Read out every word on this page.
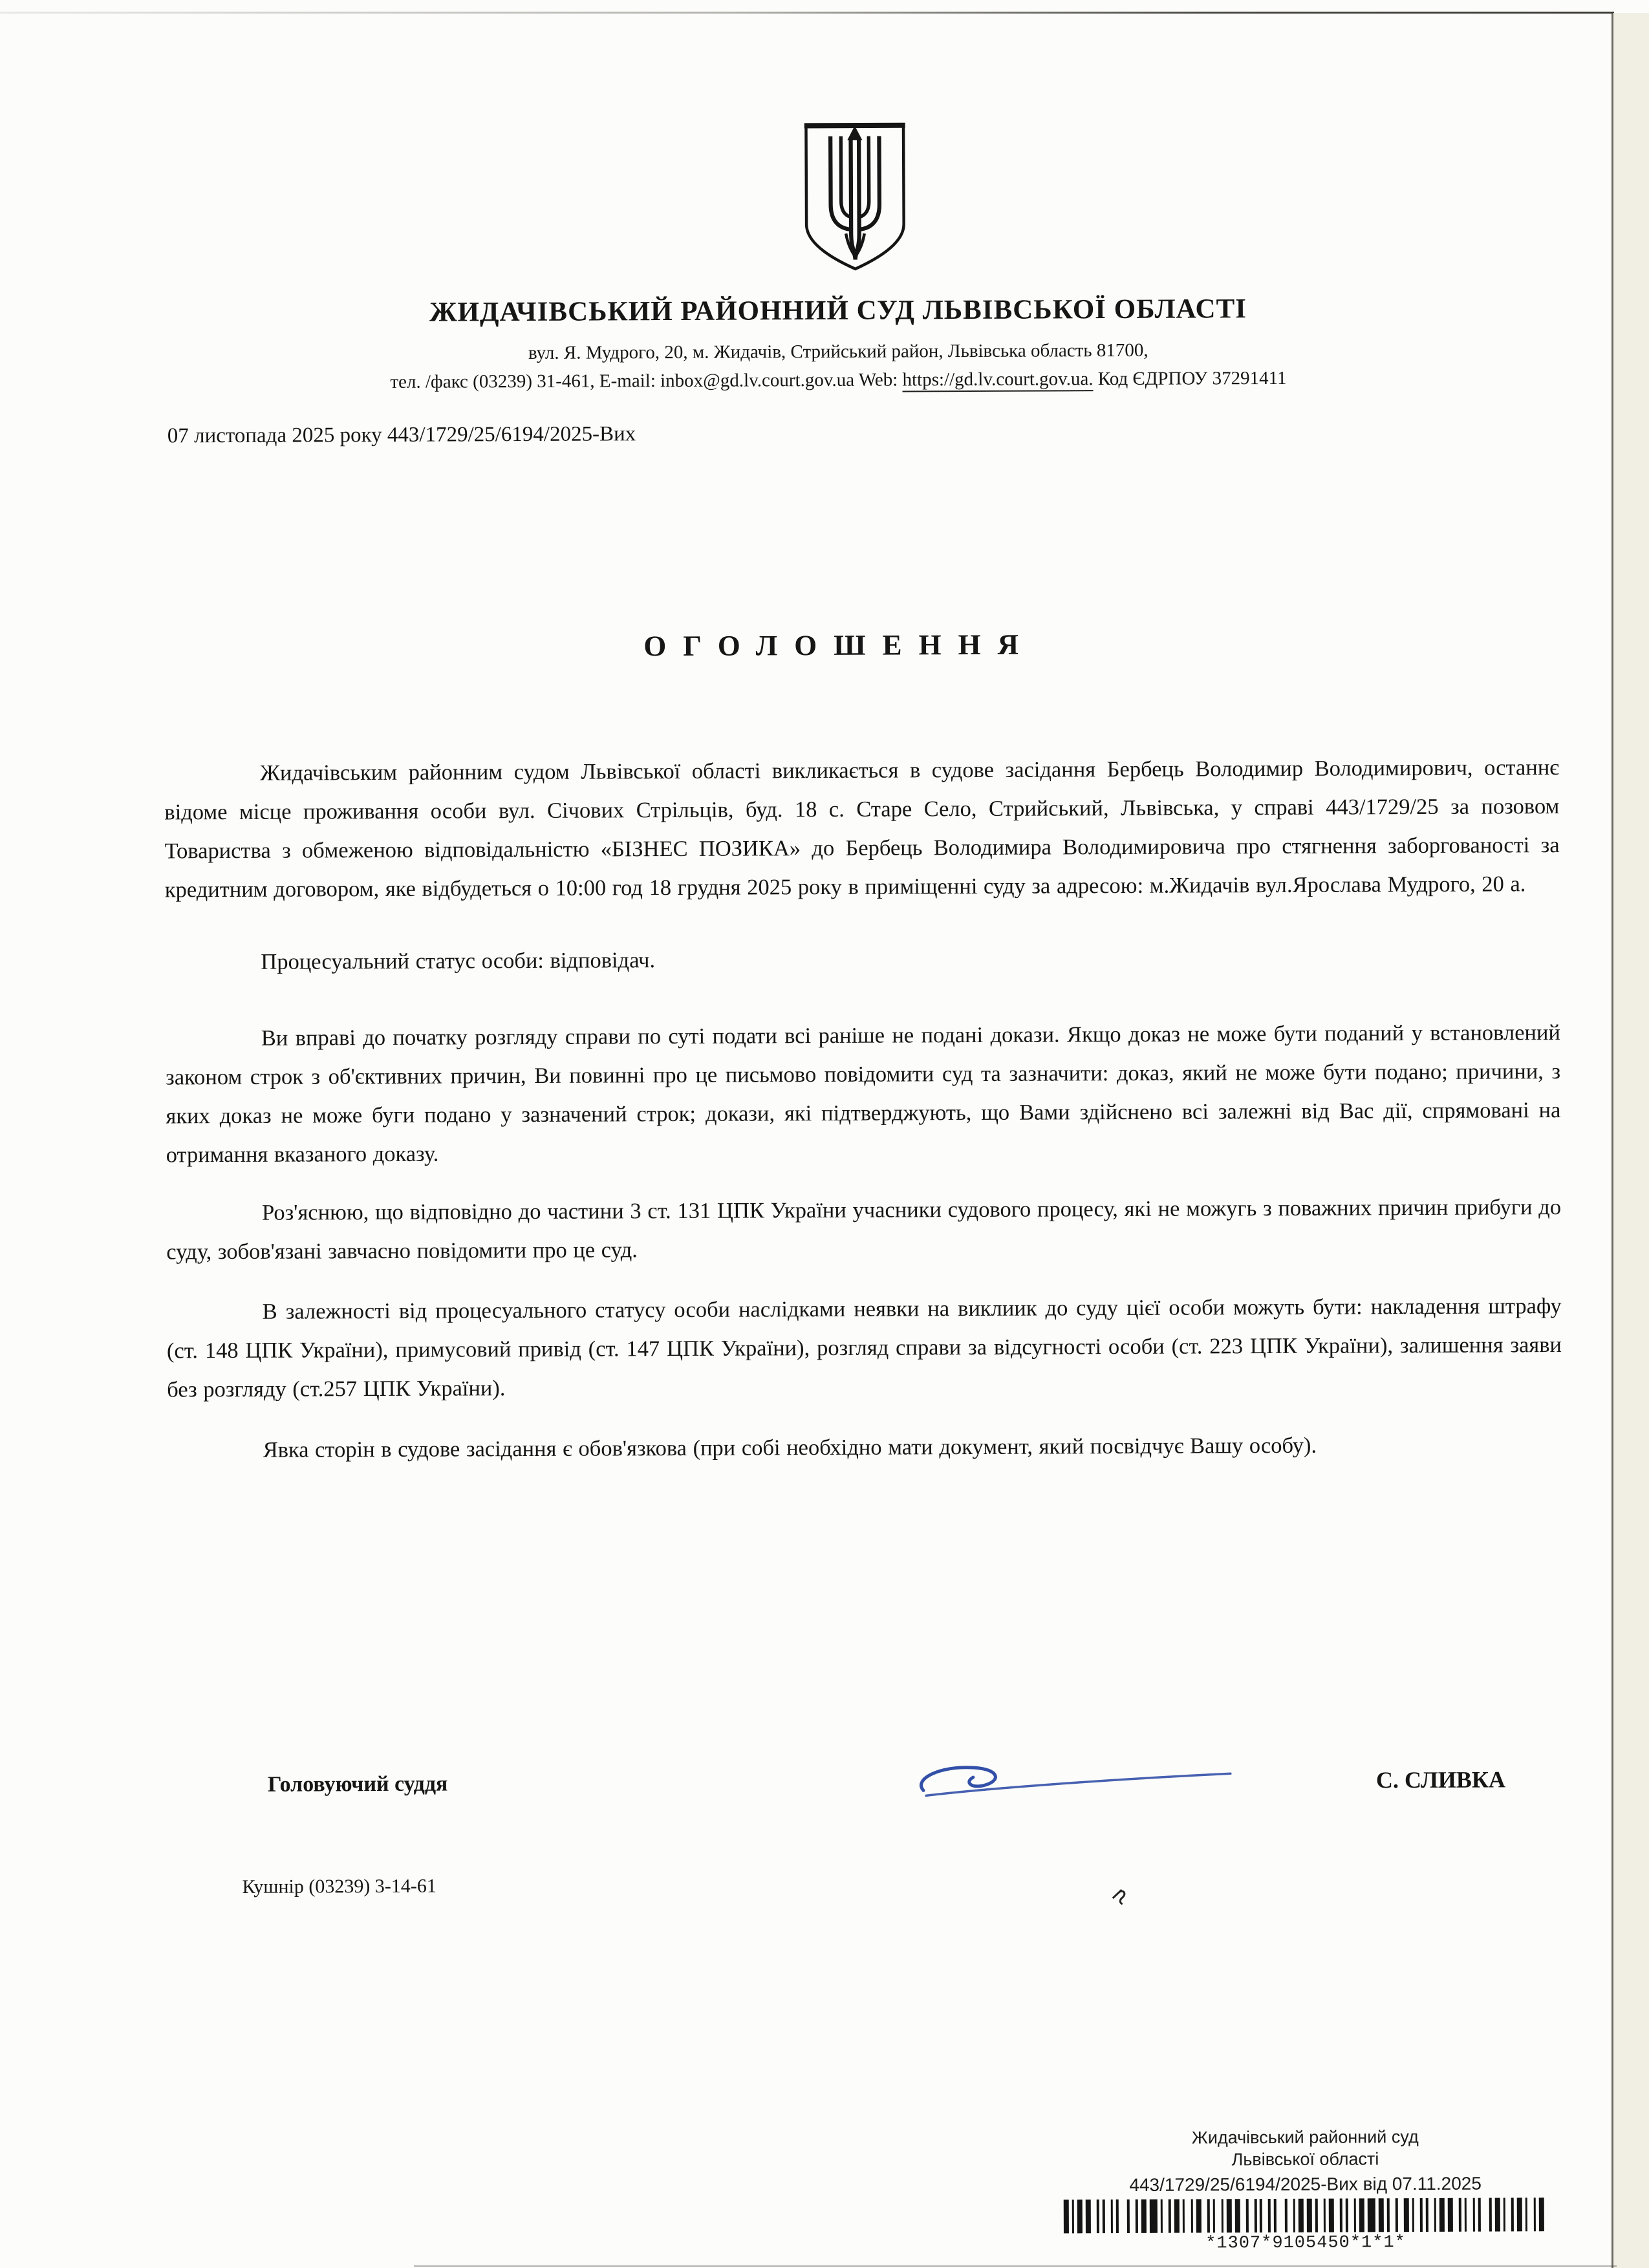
ЖИДАЧІВСЬКИЙ РАЙОННИЙ СУД ЛЬВІВСЬКОЇ ОБЛАСТІ
вул. Я. Мудрого, 20, м. Жидачів, Стрийський район, Львівська область 81700,
тел. /факс (03239) 31-461, E-mail: inbox@gd.lv.court.gov.ua Web: https://gd.lv.court.gov.ua. Код ЄДРПОУ 37291411
07 листопада 2025 року 443/1729/25/6194/2025-Вих
ОГОЛОШЕННЯ

Жидачівським районним судом Львівської області викликається в судове засідання Бербець Володимир Володимирович, останнє відоме місце проживання особи вул. Січових Стрільців, буд. 18 с. Старе Село, Стрийський, Львівська, у справі 443/1729/25 за позовом Товариства з обмеженою відповідальністю «БІЗНЕС ПОЗИКА» до Бербець Володимира Володимировича про стягнення заборгованості за кредитним договором, яке відбудеться о 10:00 год 18 грудня 2025 року в приміщенні суду за адресою: м.Жидачів вул.Ярослава Мудрого, 20 а.

Процесуальний статус особи: відповідач.

Ви вправі до початку розгляду справи по суті подати всі раніше не подані докази. Якщо доказ не може бути поданий у встановлений законом строк з об'єктивних причин, Ви повинні про це письмово повідомити суд та зазначити: доказ, який не може бути подано; причини, з яких доказ не може буги подано у зазначений строк; докази, які підтверджують, що Вами здійснено всі залежні від Вас дії, спрямовані на отримання вказаного доказу.

Роз'яснюю, що відповідно до частини 3 ст. 131 ЦПК України учасники судового процесу, які не можугь з поважних причин прибуги до суду, зобов'язані завчасно повідомити про це суд.

В залежності від процесуального статусу особи наслідками неявки на виклиик до суду цієї особи можуть бути: накладення штрафу (ст. 148 ЦПК України), примусовий привід (ст. 147 ЦПК України), розгляд справи за відсугності особи (ст. 223 ЦПК України), залишення заяви без розгляду (ст.257 ЦПК України).

Явка сторін в судове засідання є обов'язкова (при собі необхідно мати документ, який посвідчує Вашу особу).

Головуючий суддя	С. СЛИВКА
Кушнір (03239) 3-14-61
Жидачівський районний суд
Львівської області
443/1729/25/6194/2025-Вих від 07.11.2025
*1307*9105450*1*1*
